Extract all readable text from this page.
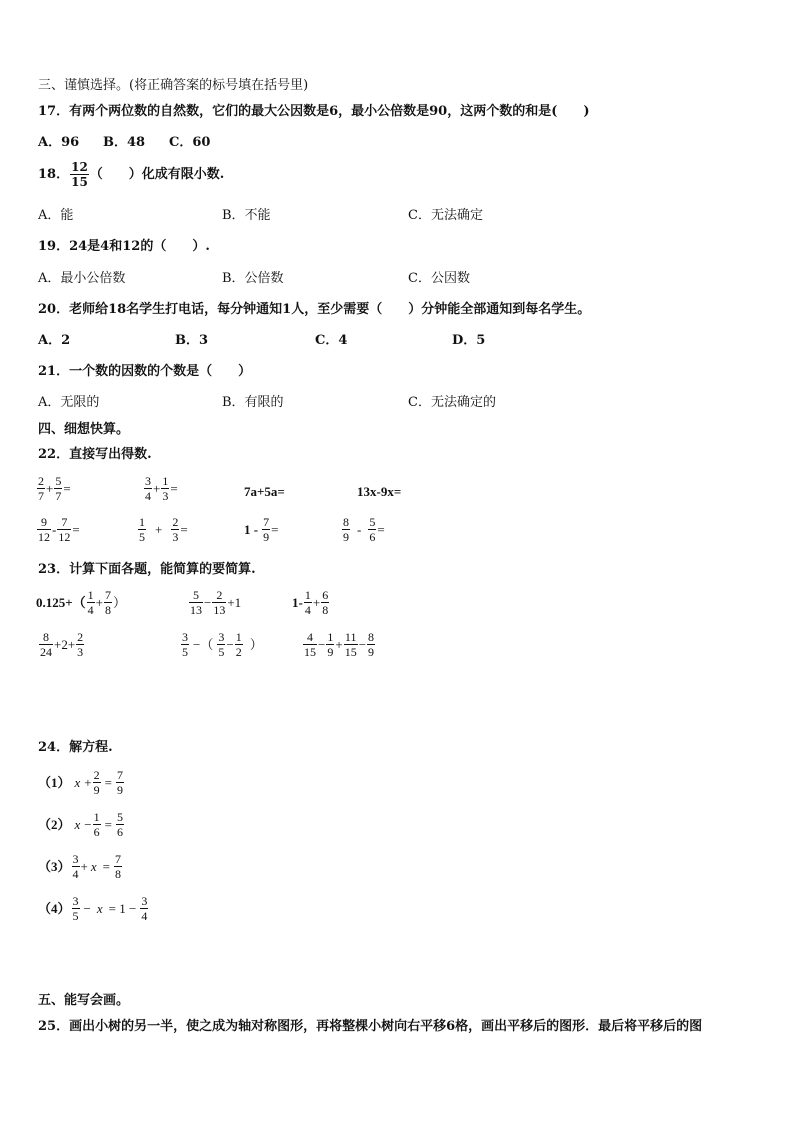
三、谨慎选择。(将正确答案的标号填在括号里)
17．有两个两位数的自然数，它们的最大公因数是6，最小公倍数是90，这两个数的和是(　　)
A．96 B．48 C．60
18． $\frac{12}{15}$ （　　）化成有限小数.
A．能	B．不能	C．无法确定
19．24是4和12的（　　）.
A．最小公倍数	B．公倍数	C．公因数
20．老师给18名学生打电话，每分钟通知1人，至少需要（　　）分钟能全部通知到每名学生。
A．2	B．3	C．4	D．5
21．一个数的因数的个数是（　　）
A．无限的	B．有限的	C．无法确定的
四、细想快算。
22．直接写出得数.
$\frac{2}{7} + \frac{5}{7}$ =	$\frac{3}{4} + \frac{1}{3}$ =	7a+5a=	13x-9x=
$\frac{9}{12} - \frac{7}{12}$ =	$\frac{1}{5} + \frac{2}{3}$ =	$1 - \frac{7}{9}$ =	$\frac{8}{9} - \frac{5}{6}$ =
23．计算下面各题，能简算的要简算.
$0.125+( \frac{1}{4} + \frac{7}{8}$ ）	$\frac{5}{13} - \frac{2}{13} +1$	$1- \frac{1}{4} + \frac{6}{8}$
$\frac{8}{24} +2+ \frac{2}{3}$	$\frac{3}{5}$ −（ $\frac{3}{5} - \frac{1}{2}$ ）	$\frac{4}{15} - \frac{1}{9} + \frac{11}{15} - \frac{8}{9}$
24．解方程.
（1） $x + \frac{2}{9} = \frac{7}{9}$
（2） $x - \frac{1}{6} = \frac{5}{6}$
$(3) \frac{3}{4} + x = \frac{7}{8}$
$(4) \frac{3}{5} - x = 1 - \frac{3}{4}$
五、能写会画。
25．画出小树的另一半，使之成为轴对称图形，再将整棵小树向右平移6格，画出平移后的图形．最后将平移后的图
